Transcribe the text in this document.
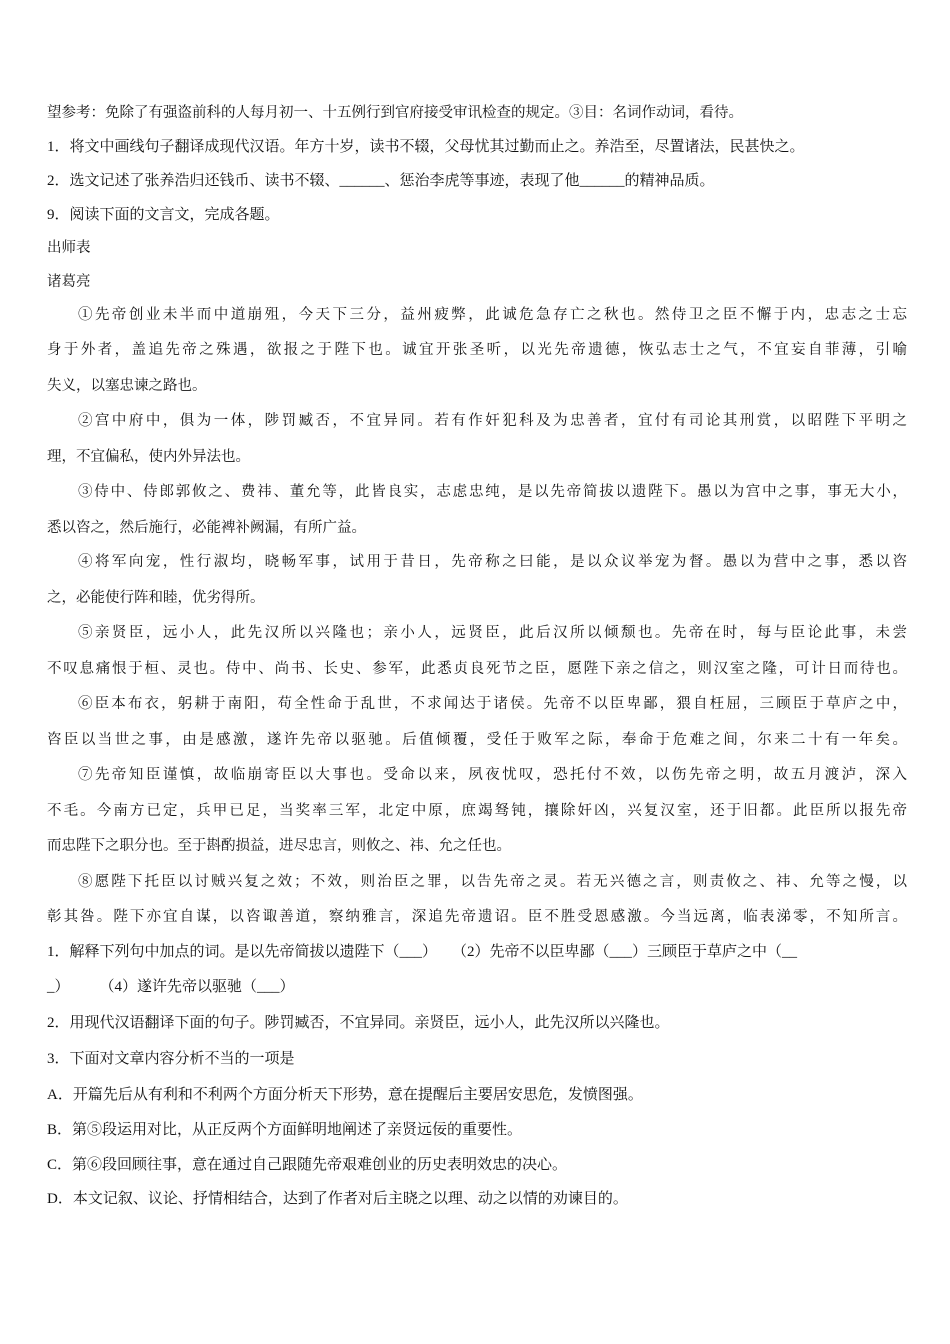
望参考：免除了有强盗前科的人每月初一、十五例行到官府接受审讯检查的规定。③目：名词作动词，看待。

1．将文中画线句子翻译成现代汉语。年方十岁，读书不辍，父母忧其过勤而止之。养浩至，尽置诸法，民甚快之。

2．选文记述了张养浩归还钱币、读书不辍、______、惩治李虎等事迹，表现了他______的精神品质。

9．阅读下面的文言文，完成各题。

出师表

诸葛亮

①先帝创业未半而中道崩殂，今天下三分，益州疲弊，此诚危急存亡之秋也。然侍卫之臣不懈于内，忠志之士忘

身于外者，盖追先帝之殊遇，欲报之于陛下也。诚宜开张圣听，以光先帝遗德，恢弘志士之气，不宜妄自菲薄，引喻

失义，以塞忠谏之路也。

②宫中府中，俱为一体，陟罚臧否，不宜异同。若有作奸犯科及为忠善者，宜付有司论其刑赏，以昭陛下平明之

理，不宜偏私，使内外异法也。

③侍中、侍郎郭攸之、费祎、董允等，此皆良实，志虑忠纯，是以先帝简拔以遗陛下。愚以为宫中之事，事无大小，

悉以咨之，然后施行，必能裨补阙漏，有所广益。

④将军向宠，性行淑均，晓畅军事，试用于昔日，先帝称之曰能，是以众议举宠为督。愚以为营中之事，悉以咨

之，必能使行阵和睦，优劣得所。

⑤亲贤臣，远小人，此先汉所以兴隆也；亲小人，远贤臣，此后汉所以倾颓也。先帝在时，每与臣论此事，未尝

不叹息痛恨于桓、灵也。侍中、尚书、长史、参军，此悉贞良死节之臣，愿陛下亲之信之，则汉室之隆，可计日而待也。

⑥臣本布衣，躬耕于南阳，苟全性命于乱世，不求闻达于诸侯。先帝不以臣卑鄙，猥自枉屈，三顾臣于草庐之中，

咨臣以当世之事，由是感激，遂许先帝以驱驰。后值倾覆，受任于败军之际，奉命于危难之间，尔来二十有一年矣。

⑦先帝知臣谨慎，故临崩寄臣以大事也。受命以来，夙夜忧叹，恐托付不效，以伤先帝之明，故五月渡泸，深入

不毛。今南方已定，兵甲已足，当奖率三军，北定中原，庶竭驽钝，攘除奸凶，兴复汉室，还于旧都。此臣所以报先帝

而忠陛下之职分也。至于斟酌损益，进尽忠言，则攸之、祎、允之任也。

⑧愿陛下托臣以讨贼兴复之效；不效，则治臣之罪，以告先帝之灵。若无兴德之言，则责攸之、祎、允等之慢，以

彰其咎。陛下亦宜自谋，以咨诹善道，察纳雅言，深追先帝遗诏。臣不胜受恩感激。今当远离，临表涕零，不知所言。

1．解释下列句中加点的词。是以先帝简拔以遗陛下（___）　　（2）先帝不以臣卑鄙（___）三顾臣于草庐之中（__

_）　　　（4）遂许先帝以驱驰（___）

2．用现代汉语翻译下面的句子。陟罚臧否，不宜异同。亲贤臣，远小人，此先汉所以兴隆也。

3．下面对文章内容分析不当的一项是

A．开篇先后从有利和不利两个方面分析天下形势，意在提醒后主要居安思危，发愤图强。

B．第⑤段运用对比，从正反两个方面鲜明地阐述了亲贤远佞的重要性。

C．第⑥段回顾往事，意在通过自己跟随先帝艰难创业的历史表明效忠的决心。

D．本文记叙、议论、抒情相结合，达到了作者对后主晓之以理、动之以情的劝谏目的。
